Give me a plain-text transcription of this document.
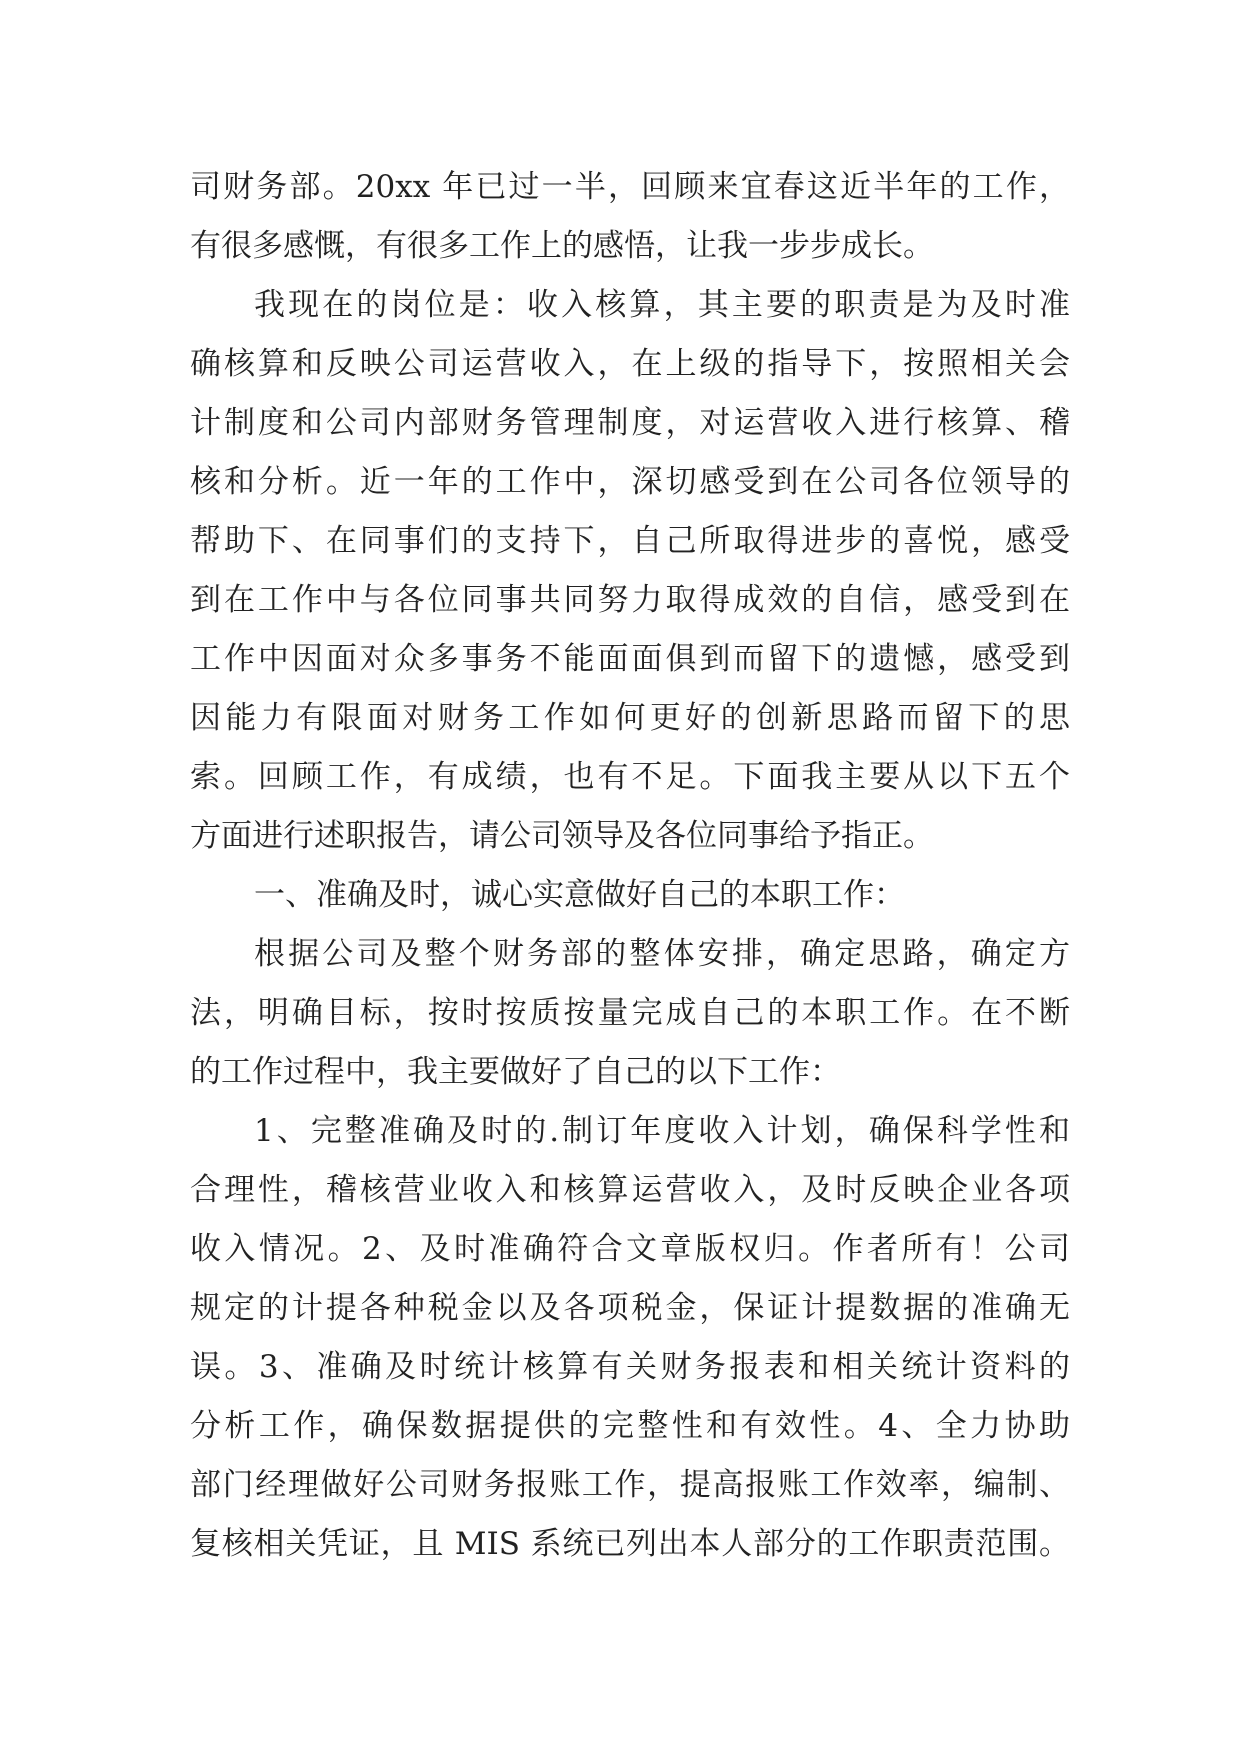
司财务部。20xx 年已过一半，回顾来宜春这近半年的工作，
有很多感慨，有很多工作上的感悟，让我一步步成长。
我现在的岗位是：收入核算，其主要的职责是为及时准
确核算和反映公司运营收入，在上级的指导下，按照相关会
计制度和公司内部财务管理制度，对运营收入进行核算、稽
核和分析。近一年的工作中，深切感受到在公司各位领导的
帮助下、在同事们的支持下，自己所取得进步的喜悦，感受
到在工作中与各位同事共同努力取得成效的自信，感受到在
工作中因面对众多事务不能面面俱到而留下的遗憾，感受到
因能力有限面对财务工作如何更好的创新思路而留下的思
索。回顾工作，有成绩，也有不足。下面我主要从以下五个
方面进行述职报告，请公司领导及各位同事给予指正。
一、准确及时，诚心实意做好自己的本职工作：
根据公司及整个财务部的整体安排，确定思路，确定方
法，明确目标，按时按质按量完成自己的本职工作。在不断
的工作过程中，我主要做好了自己的以下工作：
1、完整准确及时的.制订年度收入计划，确保科学性和
合理性，稽核营业收入和核算运营收入，及时反映企业各项
收入情况。2、及时准确符合文章版权归。作者所有！公司
规定的计提各种税金以及各项税金，保证计提数据的准确无
误。3、准确及时统计核算有关财务报表和相关统计资料的
分析工作，确保数据提供的完整性和有效性。4、全力协助
部门经理做好公司财务报账工作，提高报账工作效率，编制、
复核相关凭证，且 MIS 系统已列出本人部分的工作职责范围。
